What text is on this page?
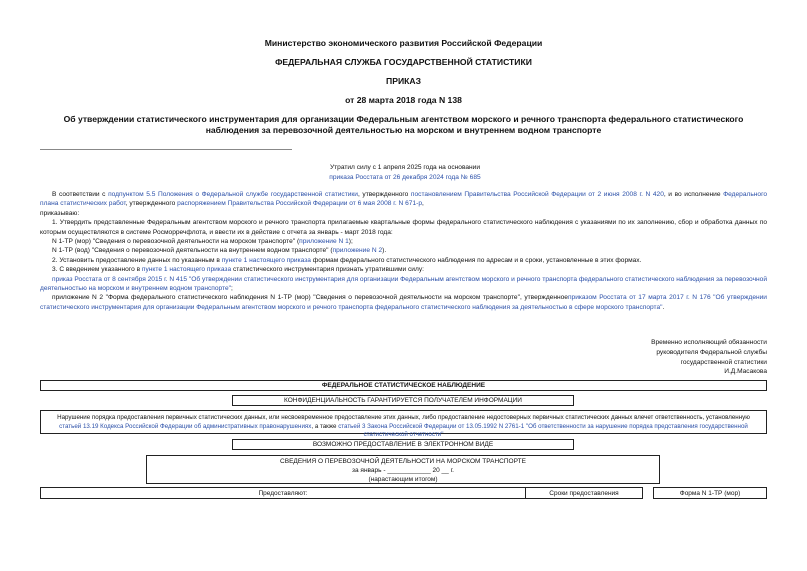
Министерство экономического развития Российской Федерации
ФЕДЕРАЛЬНАЯ СЛУЖБА ГОСУДАРСТВЕННОЙ СТАТИСТИКИ
ПРИКАЗ
от 28 марта 2018 года N 138
Об утверждении статистического инструментария для организации Федеральным агентством морского и речного транспорта федерального статистического наблюдения за перевозочной деятельностью на морском и внутреннем водном транспорте
Утратил силу с 1 апреля 2025 года на основании
приказа Росстата от 26 декабря 2024 года № 685

В соответствии с подпунктом 5.5 Положения о Федеральной службе государственной статистики, утвержденного постановлением Правительства Российской Федерации от 2 июня 2008 г. N 420, и во исполнение Федерального плана статистических работ, утвержденного распоряжением Правительства Российской Федерации от 6 мая 2008 г. N 671-р,

приказываю:

1. Утвердить представленные Федеральным агентством морского и речного транспорта прилагаемые квартальные формы федерального статистического наблюдения с указаниями по их заполнению, сбор и обработка данных по которым осуществляются в системе Росморречфлота, и ввести их в действие с отчета за январь - март 2018 года:

N 1-ТР (мор) "Сведения о перевозочной деятельности на морском транспорте" (приложение N 1);

N 1-ТР (вод) "Сведения о перевозочной деятельности на внутреннем водном транспорте" (приложение N 2).

2. Установить предоставление данных по указанным в пункте 1 настоящего приказа формам федерального статистического наблюдения по адресам и в сроки, установленные в этих формах.

3. С введением указанного в пункте 1 настоящего приказа статистического инструментария признать утратившими силу:

приказ Росстата от 8 сентября 2015 г. N 415 "Об утверждении статистического инструментария для организации Федеральным агентством морского и речного транспорта федерального статистического наблюдения за перевозочной деятельностью на морском и внутреннем водном транспорте";

приложение N 2 "Форма федерального статистического наблюдения N 1-ТР (мор) "Сведения о перевозочной деятельности на морском транспорте", утвержденноеприказом Росстата от 17 марта 2017 г. N 176 "Об утверждении статистического инструментария для организации Федеральным агентством морского и речного транспорта федерального статистического наблюдения за деятельностью в сфере морского транспорта".

Временно исполняющий обязанности
руководителя Федеральной службы
государственной статистики
И.Д.Масакова
ФЕДЕРАЛЬНОЕ СТАТИСТИЧЕСКОЕ НАБЛЮДЕНИЕ
КОНФИДЕНЦИАЛЬНОСТЬ ГАРАНТИРУЕТСЯ ПОЛУЧАТЕЛЕМ ИНФОРМАЦИИ
Нарушение порядка предоставления первичных статистических данных, или несвоевременное предоставление этих данных, либо предоставление недостоверных первичных статистических данных влечет ответственность, установленную статьей 13.19 Кодекса Российской Федерации об административных правонарушениях, а также статьей 3 Закона Российской Федерации от 13.05.1992 N 2761-1 "Об ответственности за нарушение порядка представления государственной статистической отчетности"
ВОЗМОЖНО ПРЕДОСТАВЛЕНИЕ В ЭЛЕКТРОННОМ ВИДЕ
СВЕДЕНИЯ О ПЕРЕВОЗОЧНОЙ ДЕЯТЕЛЬНОСТИ НА МОРСКОМ ТРАНСПОРТЕ
за январь - ____________ 20 __ г.
(нарастающим итогом)
Предоставляют:	Сроки предоставления	Форма N 1-ТР (мор)
